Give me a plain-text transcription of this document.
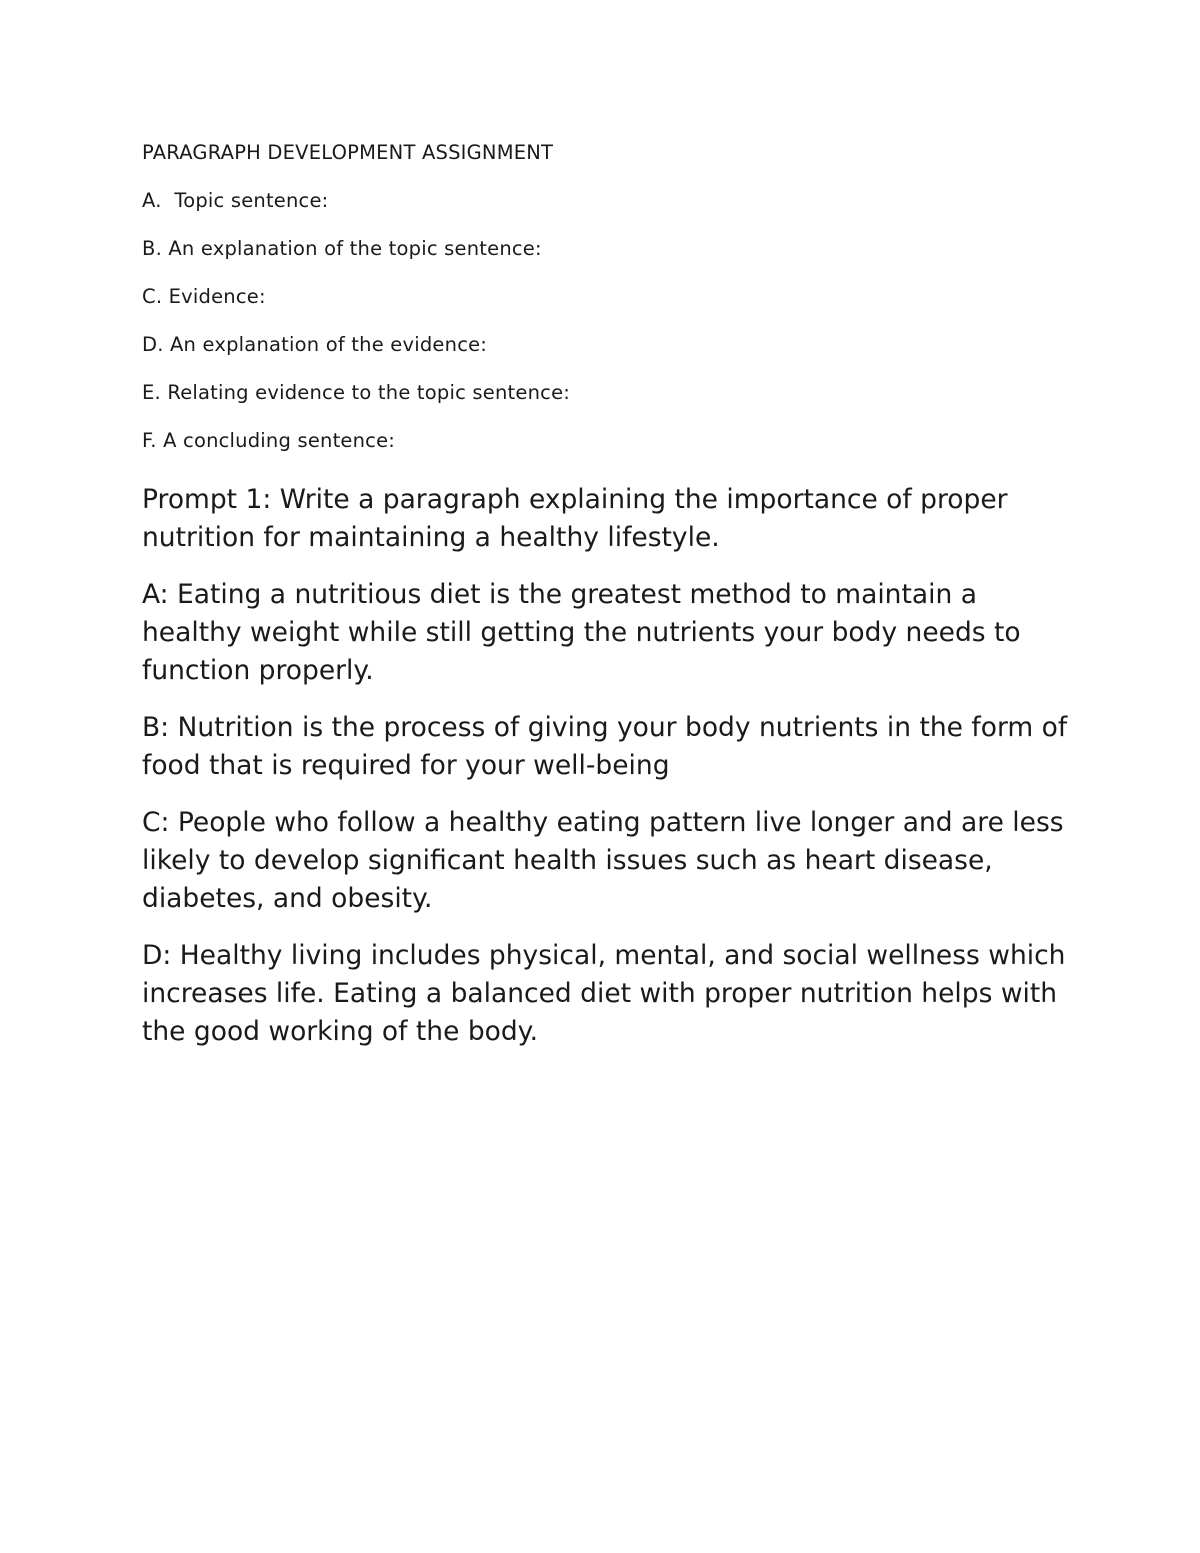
PARAGRAPH DEVELOPMENT ASSIGNMENT

A.  Topic sentence:

B. An explanation of the topic sentence:

C. Evidence:

D. An explanation of the evidence:

E. Relating evidence to the topic sentence:

F. A concluding sentence:

Prompt 1: Write a paragraph explaining the importance of proper nutrition for maintaining a healthy lifestyle.

A: Eating a nutritious diet is the greatest method to maintain a healthy weight while still getting the nutrients your body needs to function properly.

B: Nutrition is the process of giving your body nutrients in the form of food that is required for your well-being

C: People who follow a healthy eating pattern live longer and are less likely to develop significant health issues such as heart disease, diabetes, and obesity.

D: Healthy living includes physical, mental, and social wellness which increases life. Eating a balanced diet with proper nutrition helps with the good working of the body.
